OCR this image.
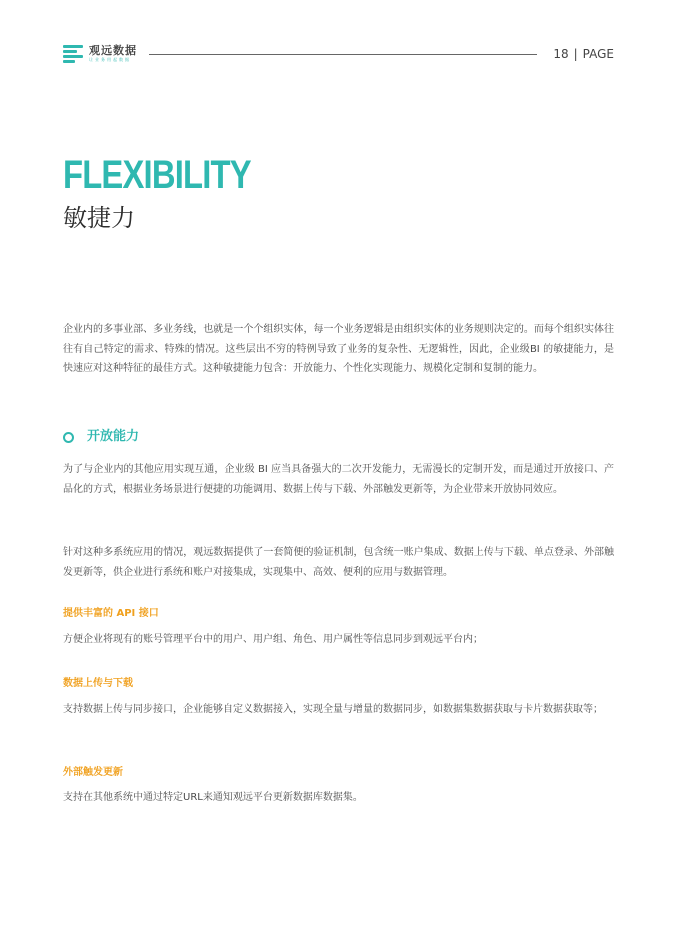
观远数据
让业务用起数据	18 | PAGE
FLEXIBILITY
敏捷力

企业内的多事业部、多业务线，也就是一个个组织实体，每一个业务逻辑是由组织实体的业务规则决定的。而每个组织实体往往有自己特定的需求、特殊的情况。这些层出不穷的特例导致了业务的复杂性、无逻辑性，因此，企业级BI 的敏捷能力，是快速应对这种特征的最佳方式。这种敏捷能力包含：开放能力、个性化实现能力、规模化定制和复制的能力。

开放能力

为了与企业内的其他应用实现互通，企业级 BI 应当具备强大的二次开发能力，无需漫长的定制开发，而是通过开放接口、产品化的方式，根据业务场景进行便捷的功能调用、数据上传与下载、外部触发更新等，为企业带来开放协同效应。

针对这种多系统应用的情况，观远数据提供了一套简便的验证机制，包含统一账户集成、数据上传与下载、单点登录、外部触发更新等，供企业进行系统和账户对接集成，实现集中、高效、便利的应用与数据管理。

提供丰富的 API 接口

方便企业将现有的账号管理平台中的用户、用户组、角色、用户属性等信息同步到观远平台内；

数据上传与下载

支持数据上传与同步接口，企业能够自定义数据接入，实现全量与增量的数据同步，如数据集数据获取与卡片数据获取等；

外部触发更新

支持在其他系统中通过特定URL来通知观远平台更新数据库数据集。
